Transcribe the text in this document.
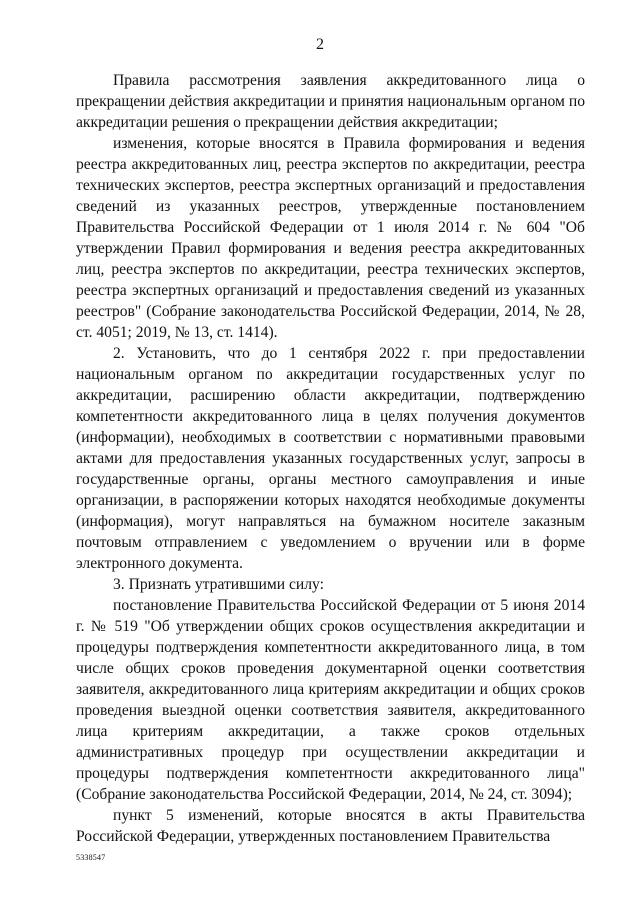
2

Правила рассмотрения заявления аккредитованного лица о прекращении действия аккредитации и принятия национальным органом по аккредитации решения о прекращении действия аккредитации;

изменения, которые вносятся в Правила формирования и ведения реестра аккредитованных лиц, реестра экспертов по аккредитации, реестра технических экспертов, реестра экспертных организаций и предоставления сведений из указанных реестров, утвержденные постановлением Правительства Российской Федерации от 1 июля 2014 г. № 604 "Об утверждении Правил формирования и ведения реестра аккредитованных лиц, реестра экспертов по аккредитации, реестра технических экспертов, реестра экспертных организаций и предоставления сведений из указанных реестров" (Собрание законодательства Российской Федерации, 2014, № 28, ст. 4051; 2019, № 13, ст. 1414).

2. Установить, что до 1 сентября 2022 г. при предоставлении национальным органом по аккредитации государственных услуг по аккредитации, расширению области аккредитации, подтверждению компетентности аккредитованного лица в целях получения документов (информации), необходимых в соответствии с нормативными правовыми актами для предоставления указанных государственных услуг, запросы в государственные органы, органы местного самоуправления и иные организации, в распоряжении которых находятся необходимые документы (информация), могут направляться на бумажном носителе заказным почтовым отправлением с уведомлением о вручении или в форме электронного документа.

3. Признать утратившими силу:

постановление Правительства Российской Федерации от 5 июня 2014 г. № 519 "Об утверждении общих сроков осуществления аккредитации и процедуры подтверждения компетентности аккредитованного лица, в том числе общих сроков проведения документарной оценки соответствия заявителя, аккредитованного лица критериям аккредитации и общих сроков проведения выездной оценки соответствия заявителя, аккредитованного лица критериям аккредитации, а также сроков отдельных административных процедур при осуществлении аккредитации и процедуры подтверждения компетентности аккредитованного лица" (Собрание законодательства Российской Федерации, 2014, № 24, ст. 3094);

пункт 5 изменений, которые вносятся в акты Правительства Российской Федерации, утвержденных постановлением Правительства

5338547
